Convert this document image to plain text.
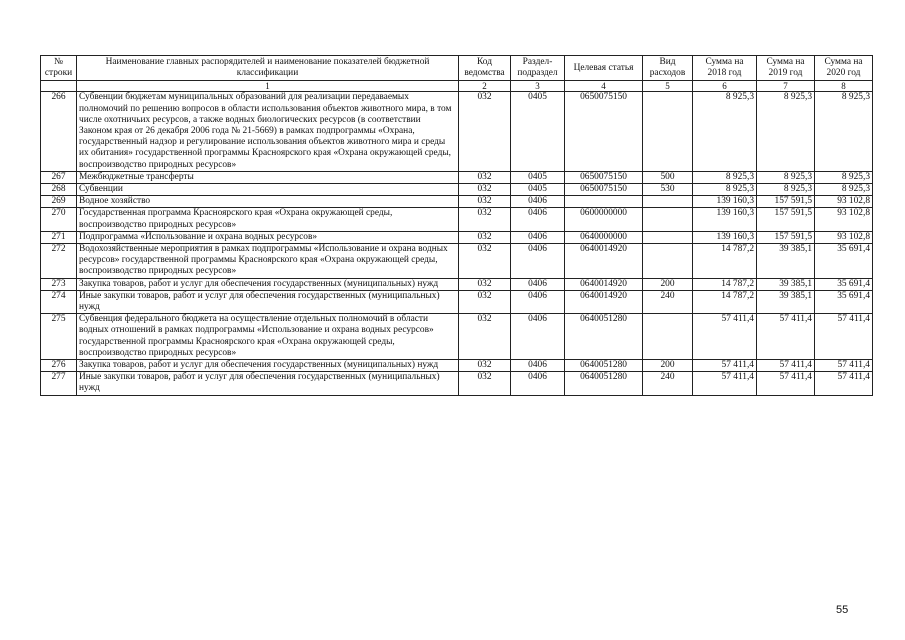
№ строки	Наименование главных распорядителей и наименование показателей бюджетной классификации	Код ведомства	Раздел-подраздел	Целевая статья	Вид расходов	Сумма на 2018 год	Сумма на 2019 год	Сумма на 2020 год
	1	2	3	4	5	6	7	8
266	Субвенции бюджетам муниципальных образований для реализации передаваемых полномочий по решению вопросов в области использования объектов животного мира, в том числе охотничьих ресурсов, а также водных биологических ресурсов (в соответствии Законом края от 26 декабря 2006 года № 21-5669) в рамках подпрограммы «Охрана, государственный надзор и регулирование использования объектов животного мира и среды их обитания» государственной программы Красноярского края «Охрана окружающей среды, воспроизводство природных ресурсов»	032	0405	0650075150		8 925,3	8 925,3	8 925,3
267	Межбюджетные трансферты	032	0405	0650075150	500	8 925,3	8 925,3	8 925,3
268	Субвенции	032	0405	0650075150	530	8 925,3	8 925,3	8 925,3
269	Водное хозяйство	032	0406			139 160,3	157 591,5	93 102,8
270	Государственная программа Красноярского края «Охрана окружающей среды, воспроизводство природных ресурсов»	032	0406	0600000000		139 160,3	157 591,5	93 102,8
271	Подпрограмма «Использование и охрана водных ресурсов»	032	0406	0640000000		139 160,3	157 591,5	93 102,8
272	Водохозяйственные мероприятия в рамках подпрограммы «Использование и охрана водных ресурсов» государственной программы Красноярского края «Охрана окружающей среды, воспроизводство природных ресурсов»	032	0406	0640014920		14 787,2	39 385,1	35 691,4
273	Закупка товаров, работ и услуг для обеспечения государственных (муниципальных) нужд	032	0406	0640014920	200	14 787,2	39 385,1	35 691,4
274	Иные закупки товаров, работ и услуг для обеспечения государственных (муниципальных) нужд	032	0406	0640014920	240	14 787,2	39 385,1	35 691,4
275	Субвенция федерального бюджета на осуществление отдельных полномочий в области водных отношений в рамках подпрограммы «Использование и охрана водных ресурсов» государственной программы Красноярского края «Охрана окружающей среды, воспроизводство природных ресурсов»	032	0406	0640051280		57 411,4	57 411,4	57 411,4
276	Закупка товаров, работ и услуг для обеспечения государственных (муниципальных) нужд	032	0406	0640051280	200	57 411,4	57 411,4	57 411,4
277	Иные закупки товаров, работ и услуг для обеспечения государственных (муниципальных) нужд	032	0406	0640051280	240	57 411,4	57 411,4	57 411,4
55
